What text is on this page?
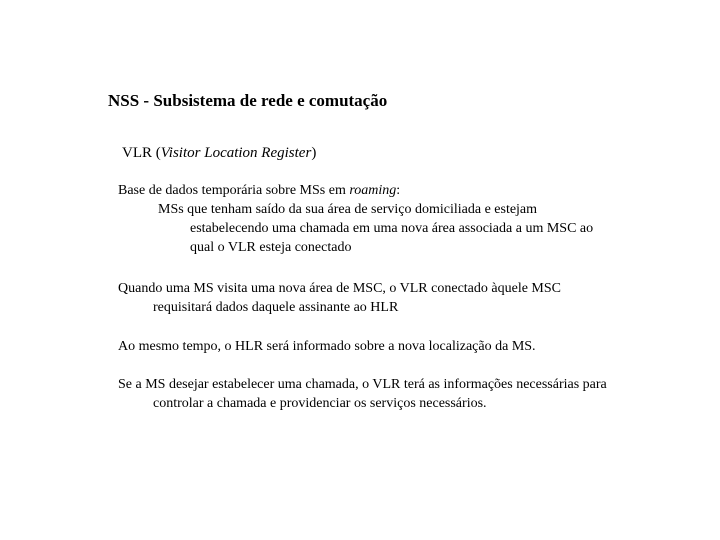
NSS - Subsistema de rede e comutação
VLR (Visitor Location Register)
Base de dados temporária sobre MSs em roaming:
MSs que tenham saído da sua área de serviço domiciliada e estejam
estabelecendo uma chamada em uma nova área associada a um MSC ao
qual o VLR esteja conectado
Quando uma MS visita uma nova área de MSC, o VLR conectado àquele MSC
requisitará dados daquele assinante ao HLR
Ao mesmo tempo, o HLR será informado sobre a nova localização da MS.
Se a MS desejar estabelecer uma chamada, o VLR terá as informações necessárias para
controlar a chamada e providenciar os serviços necessários.
